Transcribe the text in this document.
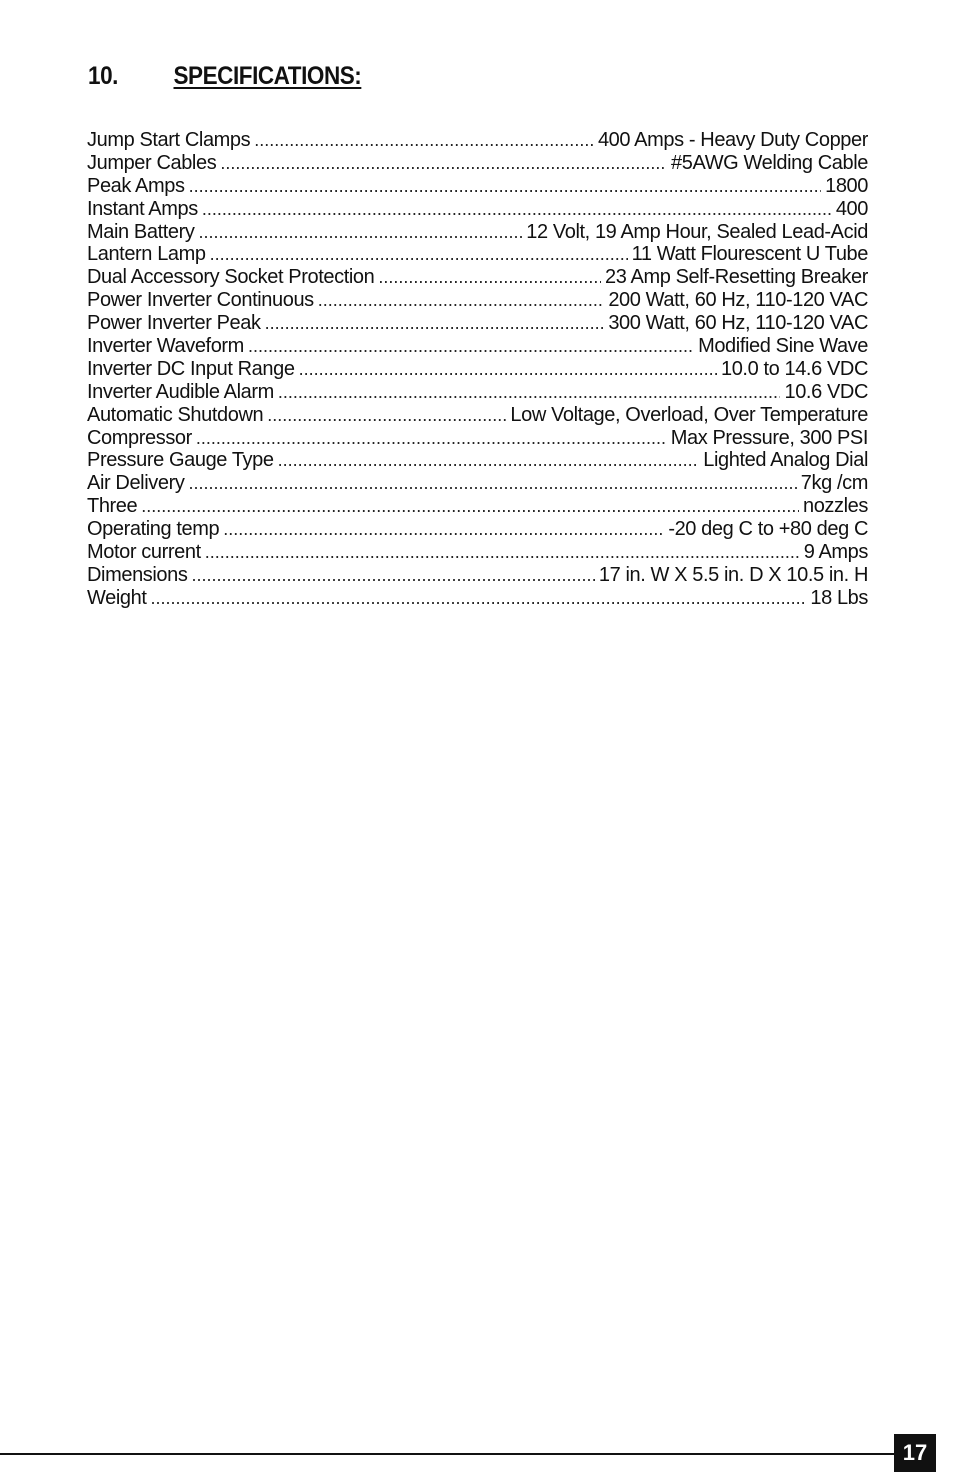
10. SPECIFICATIONS:
Jump Start Clamps .....	400 Amps - Heavy Duty Copper
Jumper Cables .....	#5AWG Welding Cable
Peak Amps .....	1800
Instant Amps .....	400
Main Battery .....	12 Volt, 19 Amp Hour, Sealed Lead-Acid
Lantern Lamp .....	11 Watt Flourescent U Tube
Dual Accessory Socket Protection .....	23 Amp Self-Resetting Breaker
Power Inverter Continuous .....	200 Watt, 60 Hz, 110-120 VAC
Power Inverter Peak .....	300 Watt, 60 Hz, 110-120 VAC
Inverter Waveform .....	Modified Sine Wave
Inverter DC Input Range .....	10.0 to 14.6 VDC
Inverter Audible Alarm .....	10.6 VDC
Automatic Shutdown .....	Low Voltage, Overload, Over Temperature
Compressor .....	Max Pressure, 300 PSI
Pressure Gauge Type .....	Lighted Analog Dial
Air Delivery .....	7kg /cm
Three .....	nozzles
Operating temp .....	-20 deg C to +80 deg C
Motor current .....	9 Amps
Dimensions .....	17 in. W X 5.5 in. D X 10.5 in. H
Weight .....	18 Lbs
17
